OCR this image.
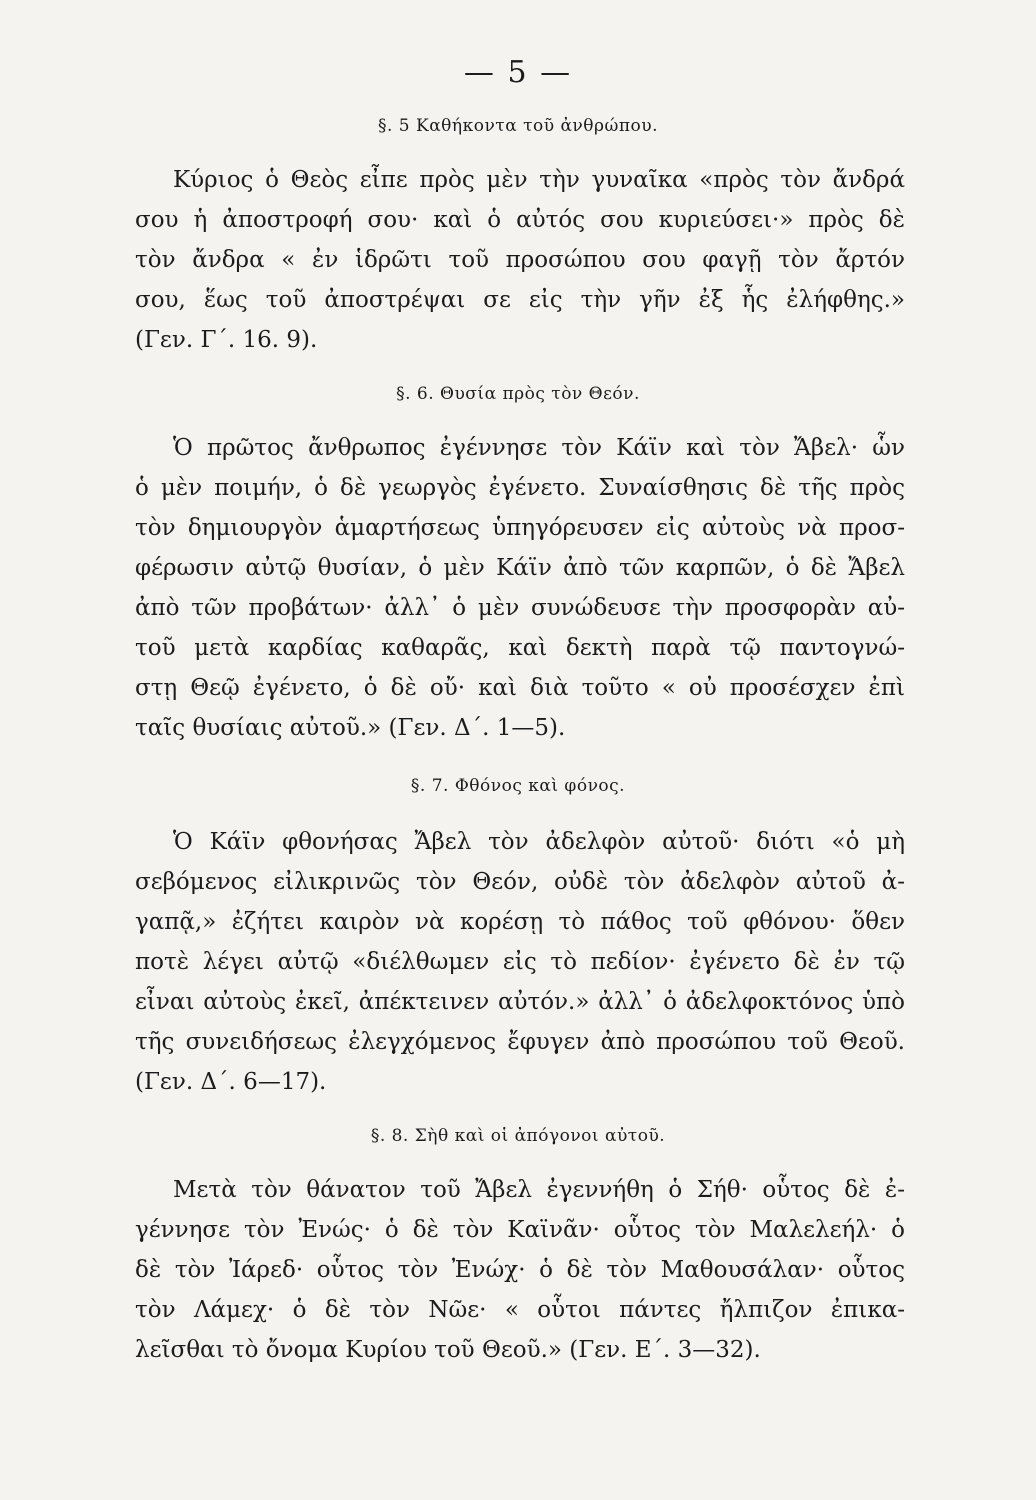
— 5 —
§. 5 Καθήκοντα τοῦ ἀνθρώπου.
Κύριος ὁ Θεὸς εἶπε πρὸς μὲν τὴν γυναῖκα «πρὸς τὸν ἄνδρά
σου ἡ ἀποστροφή σου· καὶ ὁ αὐτός σου κυριεύσει·» πρὸς δὲ
τὸν ἄνδρα « ἐν ἱδρῶτι τοῦ προσώπου σου φαγῇ τὸν ἄρτόν
σου, ἕως τοῦ ἀποστρέψαι σε εἰς τὴν γῆν ἐξ ἧς ἐλήφθης.»
(Γεν. Γ΄. 16. 9).
§. 6. Θυσία πρὸς τὸν Θεόν.
Ὁ πρῶτος ἄνθρωπος ἐγέννησε τὸν Κάϊν καὶ τὸν Ἄβελ· ὧν
ὁ μὲν ποιμήν, ὁ δὲ γεωργὸς ἐγένετο. Συναίσθησις δὲ τῆς πρὸς
τὸν δημιουργὸν ἁμαρτήσεως ὑπηγόρευσεν εἰς αὐτοὺς νὰ προσ-
φέρωσιν αὐτῷ θυσίαν, ὁ μὲν Κάϊν ἀπὸ τῶν καρπῶν, ὁ δὲ Ἄβελ
ἀπὸ τῶν προβάτων· ἀλλ᾽ ὁ μὲν συνώδευσε τὴν προσφορὰν αὐ-
τοῦ μετὰ καρδίας καθαρᾶς, καὶ δεκτὴ παρὰ τῷ παντογνώ-
στῃ Θεῷ ἐγένετο, ὁ δὲ οὔ· καὶ διὰ τοῦτο « οὐ προσέσχεν ἐπὶ
ταῖς θυσίαις αὐτοῦ.» (Γεν. Δ΄. 1—5).
§. 7. Φθόνος καὶ φόνος.
Ὁ Κάϊν φθονήσας Ἄβελ τὸν ἀδελφὸν αὐτοῦ· διότι «ὁ μὴ
σεβόμενος εἰλικρινῶς τὸν Θεόν, οὐδὲ τὸν ἀδελφὸν αὐτοῦ ἀ-
γαπᾷ,» ἐζήτει καιρὸν νὰ κορέσῃ τὸ πάθος τοῦ φθόνου· ὅθεν
ποτὲ λέγει αὐτῷ «διέλθωμεν εἰς τὸ πεδίον· ἐγένετο δὲ ἐν τῷ
εἶναι αὐτοὺς ἐκεῖ, ἀπέκτεινεν αὐτόν.» ἀλλ᾽ ὁ ἀδελφοκτόνος ὑπὸ
τῆς συνειδήσεως ἐλεγχόμενος ἔφυγεν ἀπὸ προσώπου τοῦ Θεοῦ.
(Γεν. Δ΄. 6—17).
§. 8. Σὴθ καὶ οἱ ἀπόγονοι αὐτοῦ.
Μετὰ τὸν θάνατον τοῦ Ἄβελ ἐγεννήθη ὁ Σήθ· οὗτος δὲ ἐ-
γέννησε τὸν Ἐνώς· ὁ δὲ τὸν Καϊνᾶν· οὗτος τὸν Μαλελεήλ· ὁ
δὲ τὸν Ἰάρεδ· οὗτος τὸν Ἐνώχ· ὁ δὲ τὸν Μαθουσάλαν· οὗτος
τὸν Λάμεχ· ὁ δὲ τὸν Νῶε· « οὗτοι πάντες ἤλπιζον ἐπικα-
λεῖσθαι τὸ ὄνομα Κυρίου τοῦ Θεοῦ.» (Γεν. Ε΄. 3—32).
